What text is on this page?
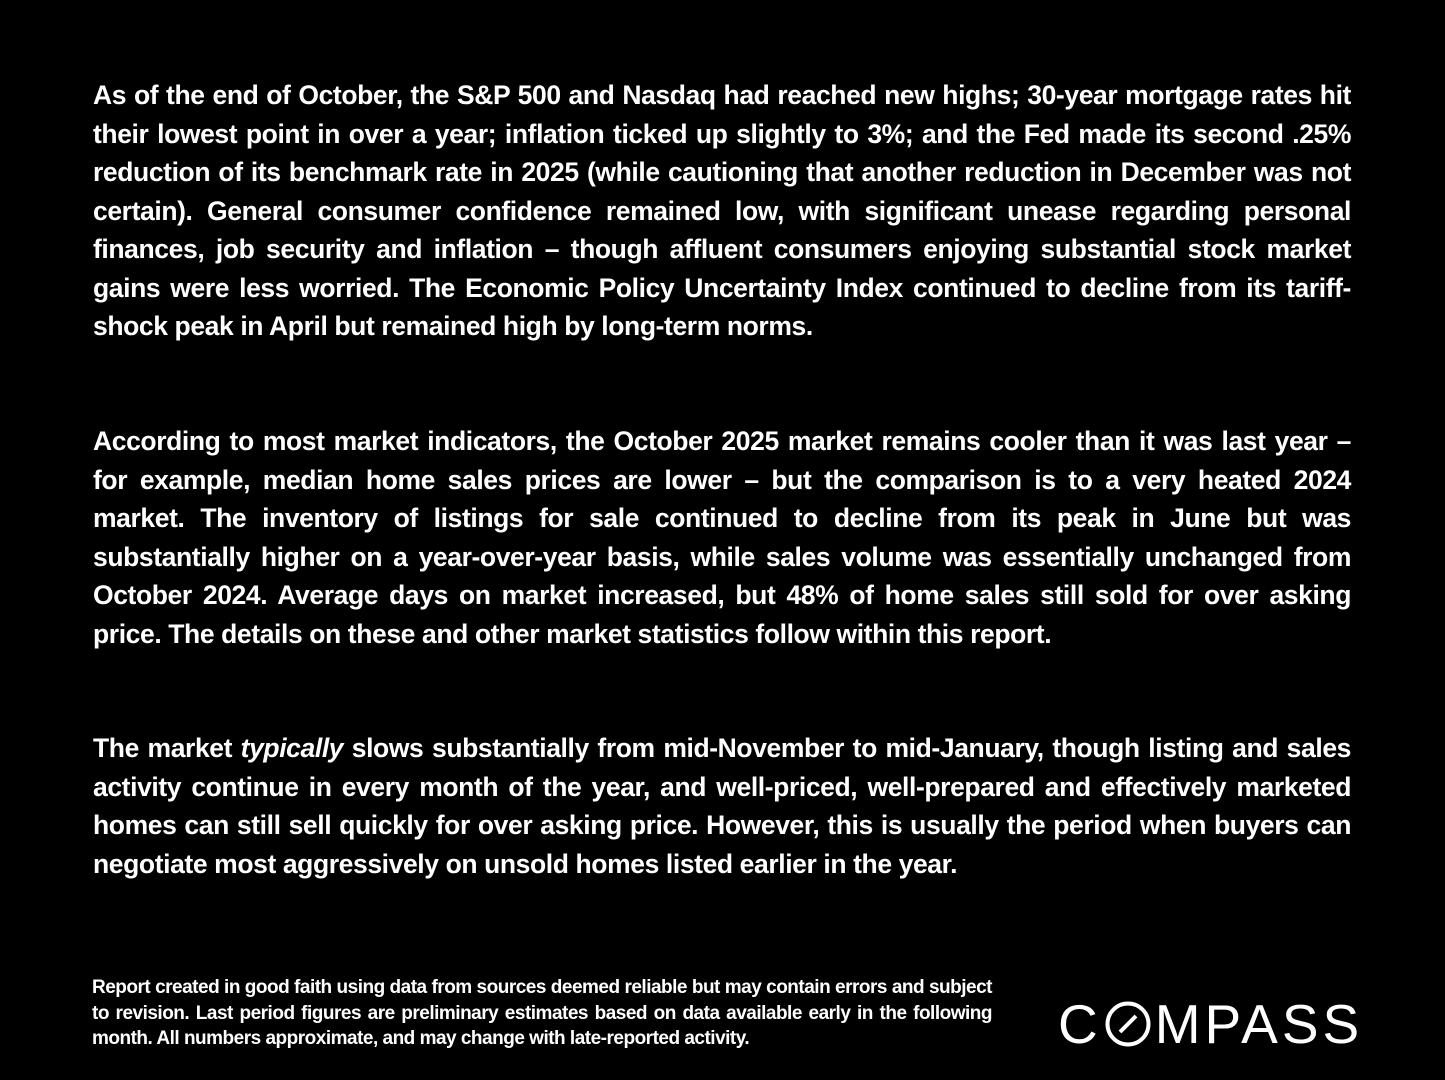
As of the end of October, the S&P 500 and Nasdaq had reached new highs; 30-year mortgage rates hit their lowest point in over a year; inflation ticked up slightly to 3%; and the Fed made its second .25% reduction of its benchmark rate in 2025 (while cautioning that another reduction in December was not certain). General consumer confidence remained low, with significant unease regarding personal finances, job security and inflation – though affluent consumers enjoying substantial stock market gains were less worried. The Economic Policy Uncertainty Index continued to decline from its tariff-shock peak in April but remained high by long-term norms.

According to most market indicators, the October 2025 market remains cooler than it was last year – for example, median home sales prices are lower – but the comparison is to a very heated 2024 market. The inventory of listings for sale continued to decline from its peak in June but was substantially higher on a year-over-year basis, while sales volume was essentially unchanged from October 2024. Average days on market increased, but 48% of home sales still sold for over asking price. The details on these and other market statistics follow within this report.

The market typically slows substantially from mid-November to mid-January, though listing and sales activity continue in every month of the year, and well-priced, well-prepared and effectively marketed homes can still sell quickly for over asking price. However, this is usually the period when buyers can negotiate most aggressively on unsold homes listed earlier in the year.

Report created in good faith using data from sources deemed reliable but may contain errors and subject to revision. Last period figures are preliminary estimates based on data available early in the following month. All numbers approximate, and may change with late-reported activity.	C MPASS
